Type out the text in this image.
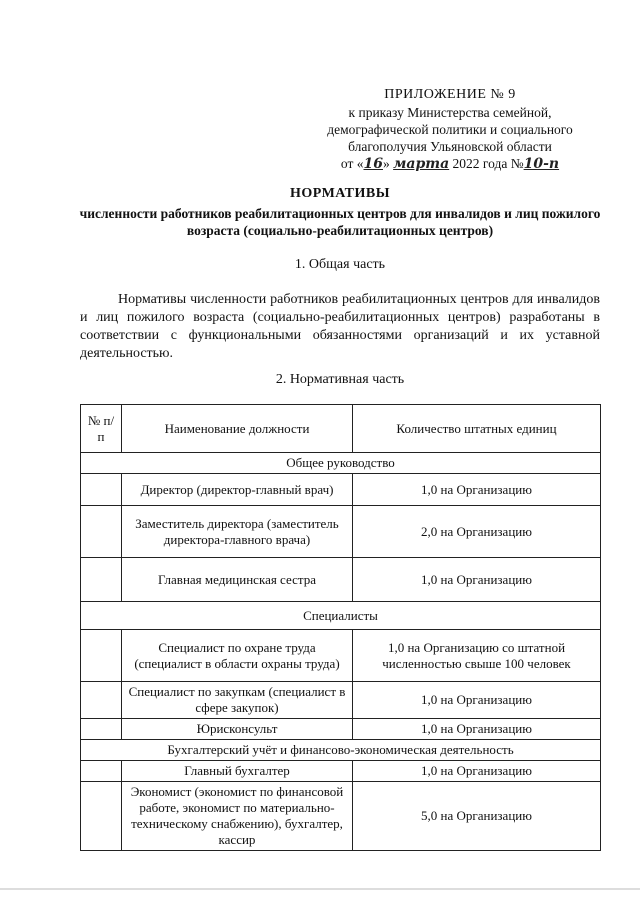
ПРИЛОЖЕНИЕ № 9
к приказу Министерства семейной,
демографической политики и социального
благополучия Ульяновской области
от «16» марта 2022 года №10-п
НОРМАТИВЫ
численности работников реабилитационных центров для инвалидов и лиц пожилого возраста (социально-реабилитационных центров)
1. Общая часть
Нормативы численности работников реабилитационных центров для инвалидов и лиц пожилого возраста (социально-реабилитационных центров) разработаны в соответствии с функциональными обязанностями организаций и их уставной деятельностью.
2. Нормативная часть
№ п/п	Наименование должности	Количество штатных единиц
Общее руководство		
	Директор (директор-главный врач)	1,0 на Организацию
	Заместитель директора (заместитель директора-главного врача)	2,0 на Организацию
	Главная медицинская сестра	1,0 на Организацию
Специалисты		
	Специалист по охране труда (специалист в области охраны труда)	1,0 на Организацию со штатной численностью свыше 100 человек
	Специалист по закупкам (специалист в сфере закупок)	1,0 на Организацию
	Юрисконсульт	1,0 на Организацию
Бухгалтерский учёт и финансово-экономическая деятельность		
	Главный бухгалтер	1,0 на Организацию
	Экономист (экономист по финансовой работе, экономист по материально-техническому снабжению), бухгалтер, кассир	5,0 на Организацию
